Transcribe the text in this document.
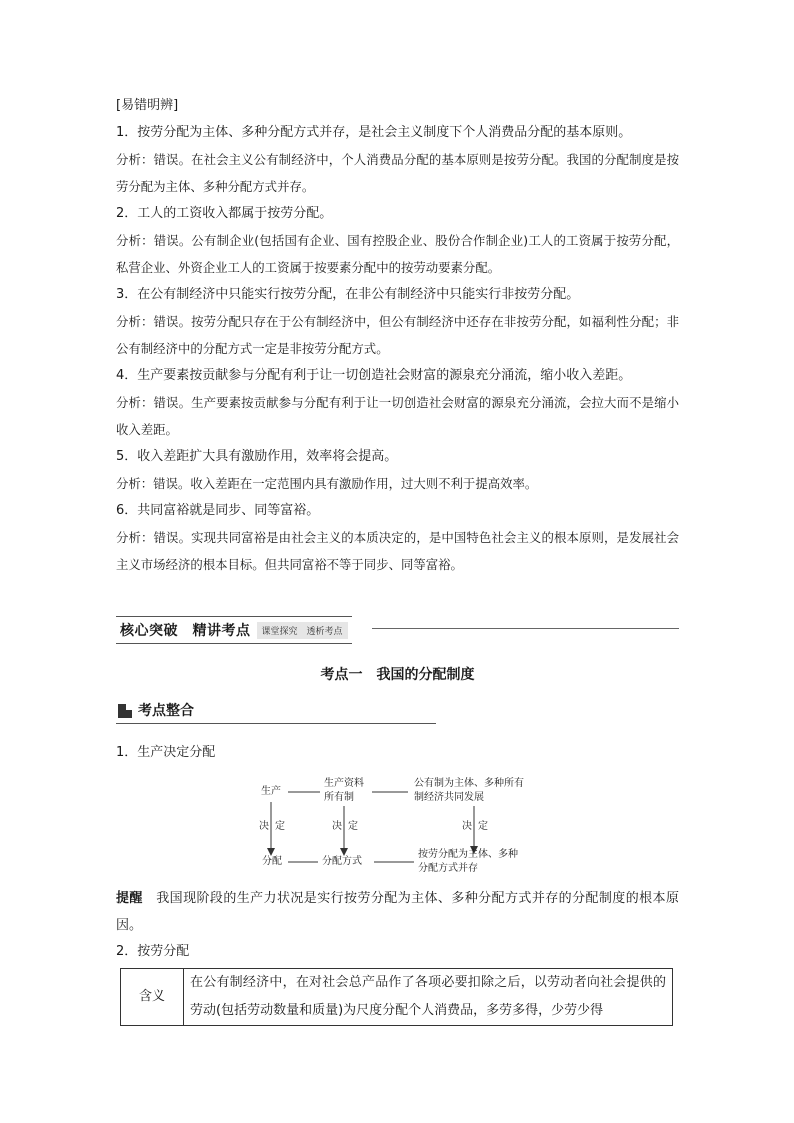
[易错明辨]
1．按劳分配为主体、多种分配方式并存，是社会主义制度下个人消费品分配的基本原则。
分析：错误。在社会主义公有制经济中，个人消费品分配的基本原则是按劳分配。我国的分配制度是按劳分配为主体、多种分配方式并存。
2．工人的工资收入都属于按劳分配。
分析：错误。公有制企业(包括国有企业、国有控股企业、股份合作制企业)工人的工资属于按劳分配，私营企业、外资企业工人的工资属于按要素分配中的按劳动要素分配。
3．在公有制经济中只能实行按劳分配，在非公有制经济中只能实行非按劳分配。
分析：错误。按劳分配只存在于公有制经济中，但公有制经济中还存在非按劳分配，如福利性分配；非公有制经济中的分配方式一定是非按劳分配方式。
4．生产要素按贡献参与分配有利于让一切创造社会财富的源泉充分涌流，缩小收入差距。
分析：错误。生产要素按贡献参与分配有利于让一切创造社会财富的源泉充分涌流，会拉大而不是缩小收入差距。
5．收入差距扩大具有激励作用，效率将会提高。
分析：错误。收入差距在一定范围内具有激励作用，过大则不利于提高效率。
6．共同富裕就是同步、同等富裕。
分析：错误。实现共同富裕是由社会主义的本质决定的，是中国特色社会主义的根本原则，是发展社会主义市场经济的根本目标。但共同富裕不等于同步、同等富裕。
核心突破　精讲考点	课堂探究　透析考点
考点一　我国的分配制度
考点整合
1．生产决定分配
生产
生产资料
所有制
公有制为主体、多种所有
制经济共同发展
决 定	决 定	决 定
分配	分配方式
按劳分配为主体、多种
分配方式并存
提醒　 我国现阶段的生产力状况是实行按劳分配为主体、多种分配方式并存的分配制度的根本原因。
2．按劳分配
含义	在公有制经济中，在对社会总产品作了各项必要扣除之后，以劳动者向社会提供的劳动(包括劳动数量和质量)为尺度分配个人消费品，多劳多得，少劳少得
